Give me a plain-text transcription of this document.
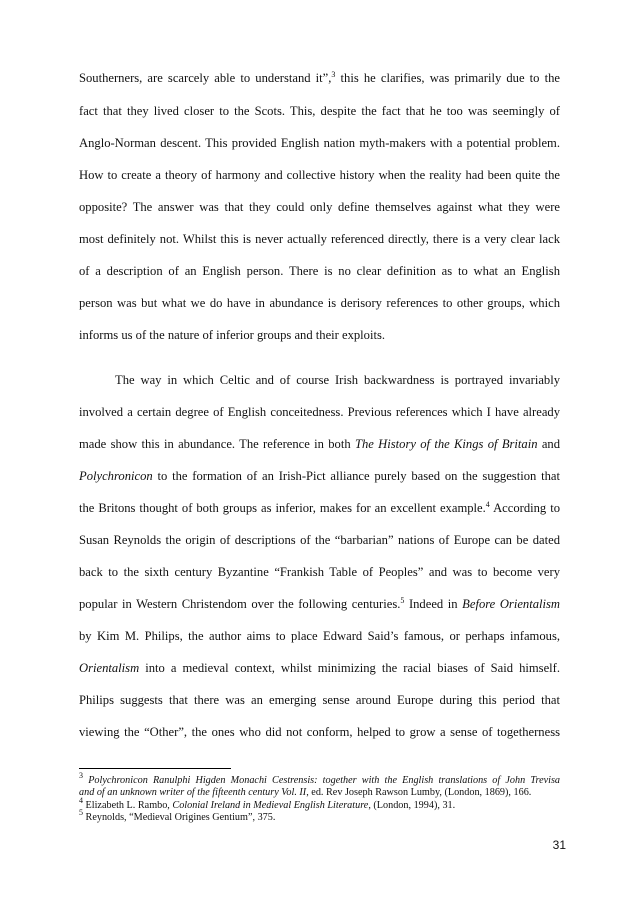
Southerners, are scarcely able to understand it”,$^3$ this he clarifies, was primarily due to the
fact that they lived closer to the Scots. This, despite the fact that he too was seemingly of
Anglo-Norman descent. This provided English nation myth-makers with a potential problem.
How to create a theory of harmony and collective history when the reality had been quite the
opposite? The answer was that they could only define themselves against what they were
most definitely not. Whilst this is never actually referenced directly, there is a very clear lack
of a description of an English person. There is no clear definition as to what an English
person was but what we do have in abundance is derisory references to other groups, which
informs us of the nature of inferior groups and their exploits.
The way in which Celtic and of course Irish backwardness is portrayed invariably
involved a certain degree of English conceitedness. Previous references which I have already
made show this in abundance. The reference in both The History of the Kings of Britain and
Polychronicon to the formation of an Irish-Pict alliance purely based on the suggestion that
the Britons thought of both groups as inferior, makes for an excellent example.$^4$ According to
Susan Reynolds the origin of descriptions of the “barbarian” nations of Europe can be dated
back to the sixth century Byzantine “Frankish Table of Peoples” and was to become very
popular in Western Christendom over the following centuries.$^5$ Indeed in Before Orientalism
by Kim M. Philips, the author aims to place Edward Said’s famous, or perhaps infamous,
Orientalism into a medieval context, whilst minimizing the racial biases of Said himself.
Philips suggests that there was an emerging sense around Europe during this period that
viewing the “Other”, the ones who did not conform, helped to grow a sense of togetherness
$^3$ Polychronicon Ranulphi Higden Monachi Cestrensis: together with the English translations of John Trevisa
and of an unknown writer of the fifteenth century Vol. II, ed. Rev Joseph Rawson Lumby, (London, 1869), 166.
$^4$ Elizabeth L. Rambo, Colonial Ireland in Medieval English Literature, (London, 1994), 31.
$^5$ Reynolds, “Medieval Origines Gentium”, 375.
31
